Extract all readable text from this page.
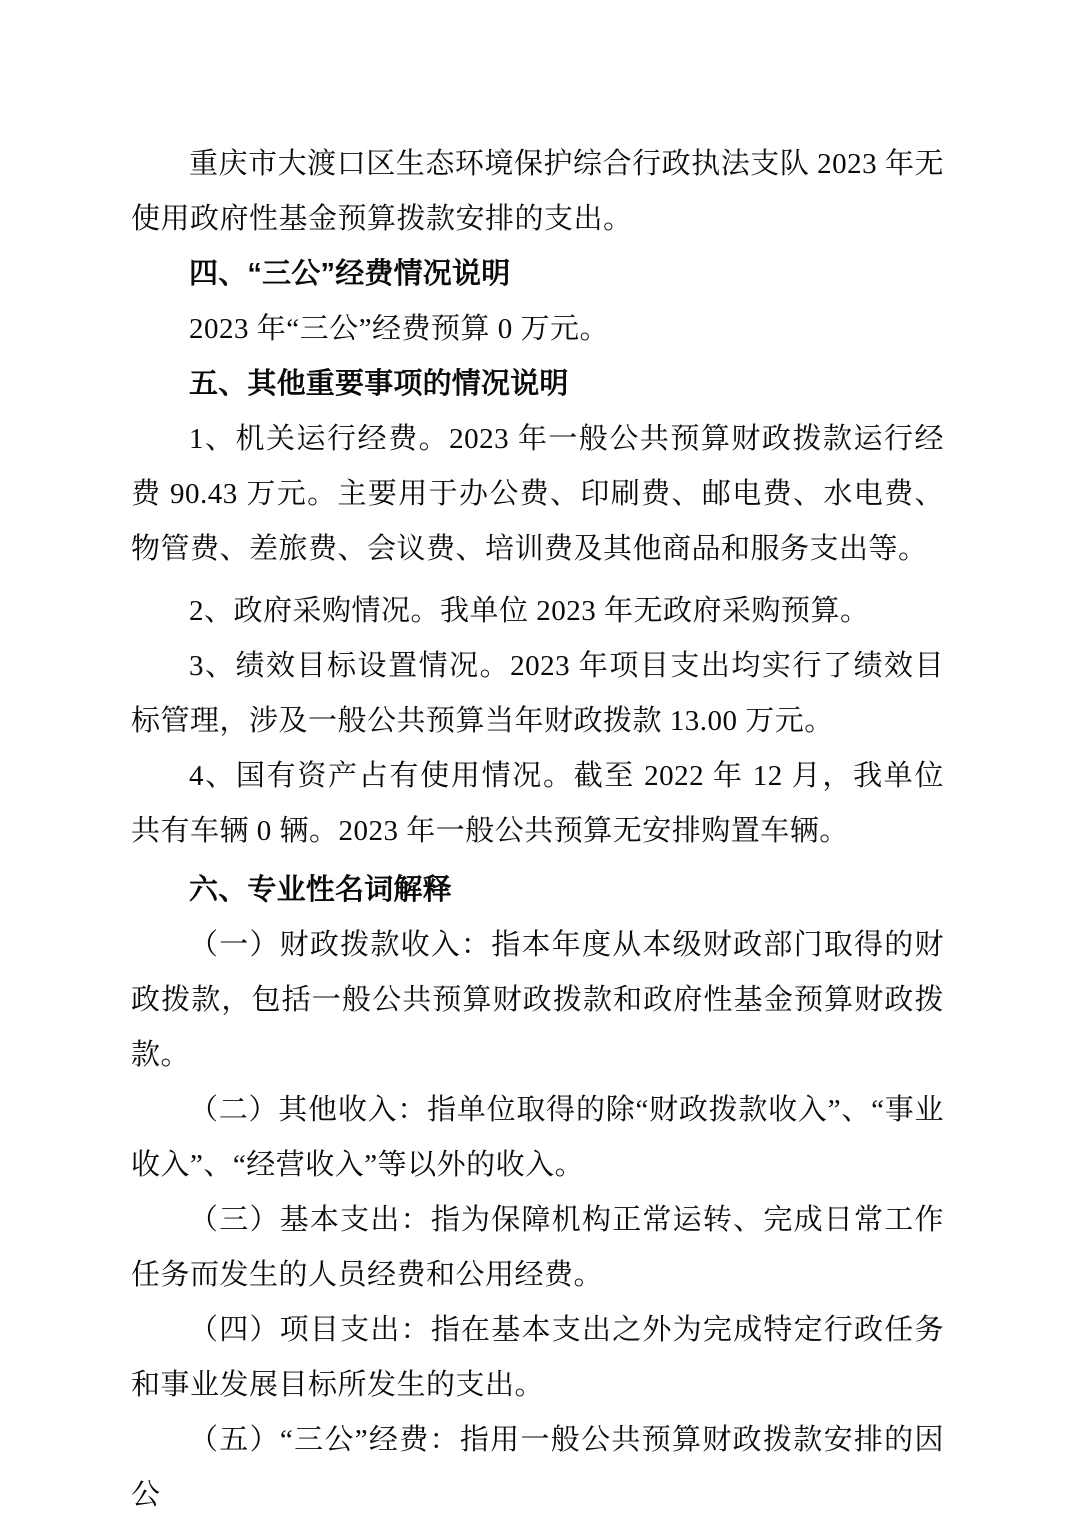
重庆市大渡口区生态环境保护综合行政执法支队 2023 年无使用政府性基金预算拨款安排的支出。

四、“三公”经费情况说明

2023 年“三公”经费预算 0 万元。

五、其他重要事项的情况说明

1、机关运行经费。2023 年一般公共预算财政拨款运行经费 90.43 万元。主要用于办公费、印刷费、邮电费、水电费、物管费、差旅费、会议费、培训费及其他商品和服务支出等。

2、政府采购情况。我单位 2023 年无政府采购预算。

3、绩效目标设置情况。2023 年项目支出均实行了绩效目标管理，涉及一般公共预算当年财政拨款 13.00 万元。

4、国有资产占有使用情况。截至 2022 年 12 月，我单位共有车辆 0 辆。2023 年一般公共预算无安排购置车辆。

六、专业性名词解释

（一）财政拨款收入：指本年度从本级财政部门取得的财政拨款，包括一般公共预算财政拨款和政府性基金预算财政拨款。

（二）其他收入：指单位取得的除“财政拨款收入”、“事业收入”、“经营收入”等以外的收入。

（三）基本支出：指为保障机构正常运转、完成日常工作任务而发生的人员经费和公用经费。

（四）项目支出：指在基本支出之外为完成特定行政任务和事业发展目标所发生的支出。

（五）“三公”经费：指用一般公共预算财政拨款安排的因公
